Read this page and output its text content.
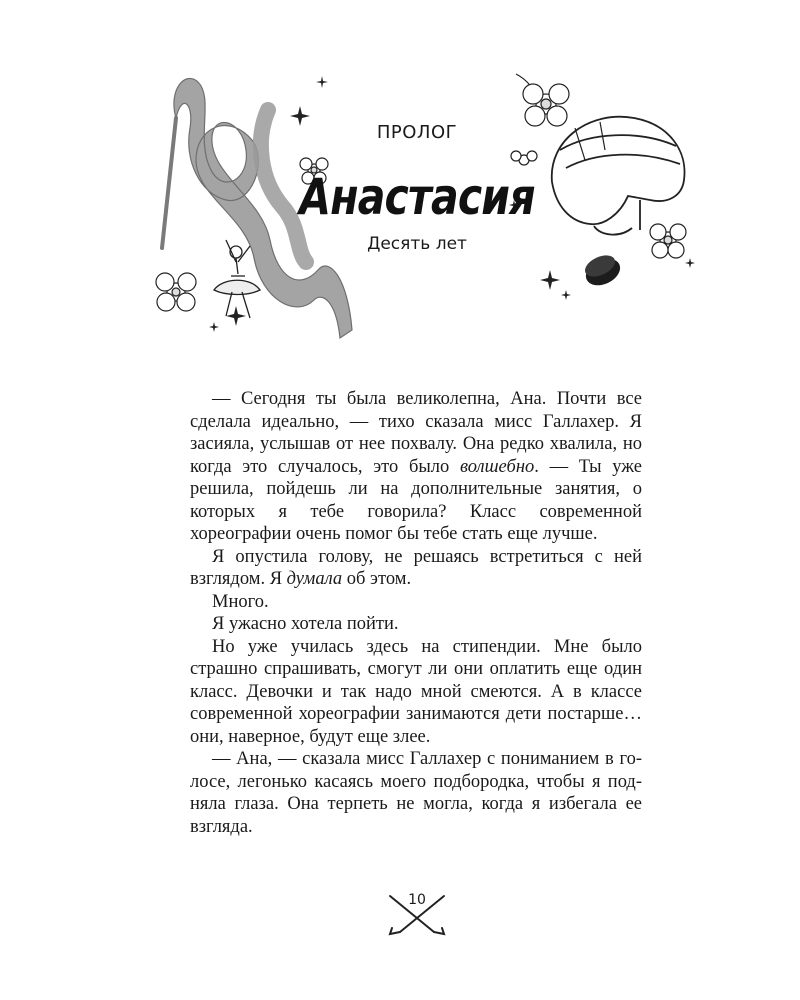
ПРОЛОГ
Анастасия
Десять лет

— Сегодня ты была великолепна, Ана. Почти все сделала идеально, — тихо сказала мисс Галлахер. Я засияла, услышав от нее похвалу. Она редко хвалила, но когда это случалось, это было волшебно. — Ты уже решила, пойдешь ли на дополнительные занятия, о которых я тебе говорила? Класс современной хореографии очень помог бы тебе стать еще лучше.

Я опустила голову, не решаясь встретиться с ней взглядом. Я думала об этом.

Много.

Я ужасно хотела пойти.

Но уже училась здесь на стипендии. Мне было страшно спрашивать, смогут ли они оплатить еще один класс. Девочки и так надо мной смеются. А в классе современной хореографии занимаются дети постарше… они, наверное, будут еще злее.

— Ана, — сказала мисс Галлахер с пониманием в голосе, легонько касаясь моего подбородка, чтобы я подняла глаза. Она терпеть не могла, когда я избегала ее взгляда.

10
